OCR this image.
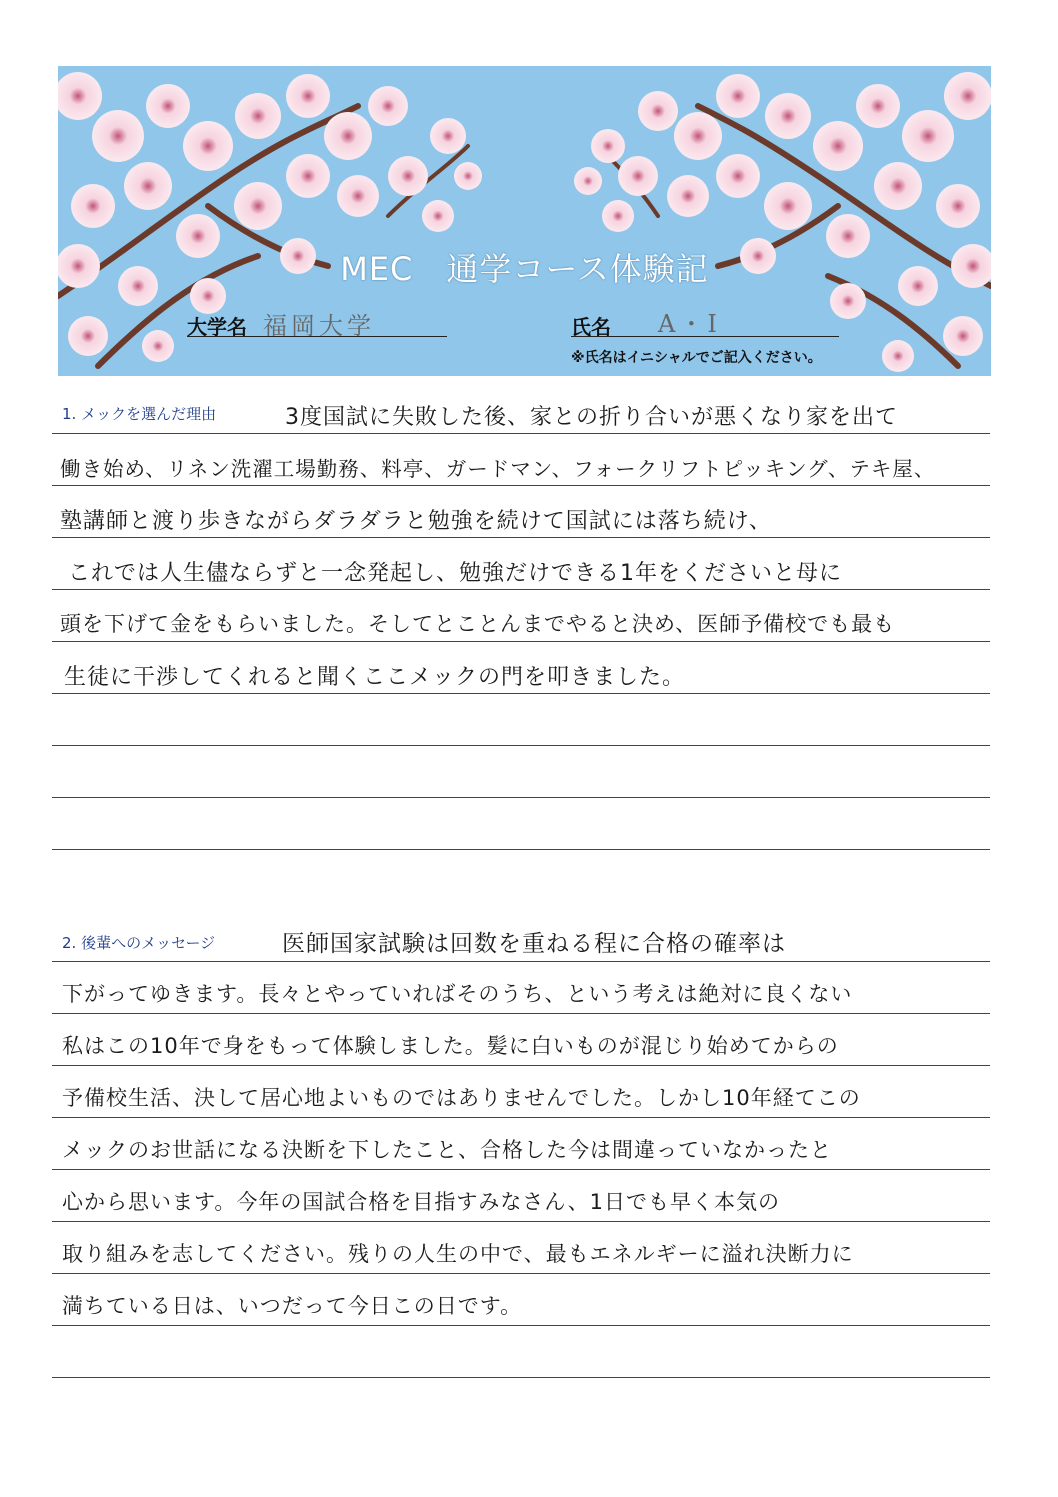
MEC　通学コース体験記
大学名 福岡大学	氏名 A・I
※氏名はイニシャルでご記入ください。
1. メックを選んだ理由	3度国試に失敗した後、家との折り合いが悪くなり家を出て
働き始め、リネン洗濯工場勤務、料亭、ガードマン、フォークリフトピッキング、テキ屋、
塾講師と渡り歩きながらダラダラと勉強を続けて国試には落ち続け、
これでは人生儘ならずと一念発起し、勉強だけできる1年をくださいと母に
頭を下げて金をもらいました。そしてとことんまでやると決め、医師予備校でも最も
生徒に干渉してくれると聞くここメックの門を叩きました。
2. 後輩へのメッセージ	医師国家試験は回数を重ねる程に合格の確率は
下がってゆきます。長々とやっていればそのうち、という考えは絶対に良くない
私はこの10年で身をもって体験しました。髪に白いものが混じり始めてからの
予備校生活、決して居心地よいものではありませんでした。しかし10年経てこの
メックのお世話になる決断を下したこと、合格した今は間違っていなかったと
心から思います。今年の国試合格を目指すみなさん、1日でも早く本気の
取り組みを志してください。残りの人生の中で、最もエネルギーに溢れ決断力に
満ちている日は、いつだって今日この日です。
